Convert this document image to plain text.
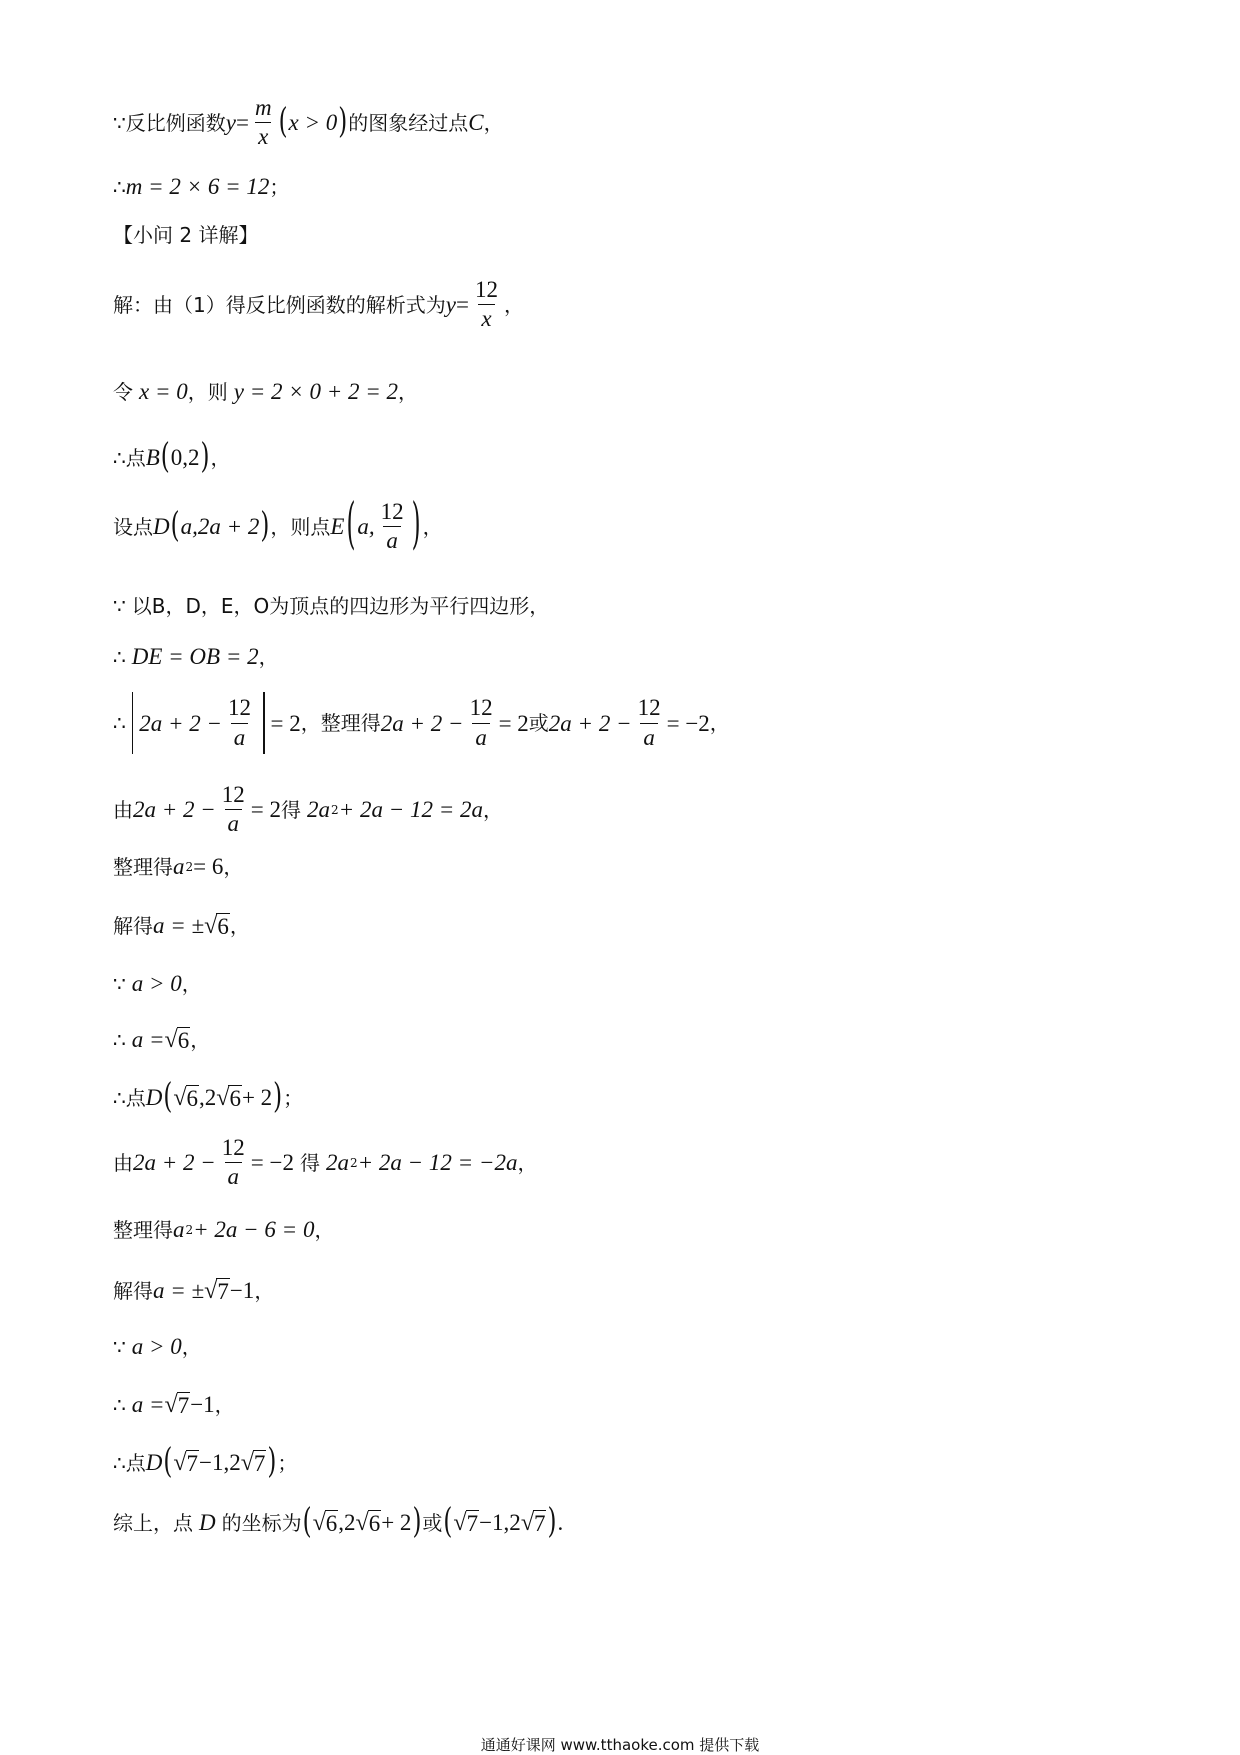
∵ 反比例函数 $y = \frac{m}{x}$ ( x > 0 ) 的图象经过点 C ，
∴ m = 2 × 6 = 12 ；
【小问 2 详解】
解：由（1）得反比例函数的解析式为 $y = \frac{12}{x}$ ，
令 x = 0 ，则 y = 2 × 0 + 2 = 2 ，
∴ 点 B ( 0,2 ) ，
设点 D ( a,2a + 2 ) ，则点 E ( a, $\frac{12}{a}$ ) ，
∵ 以B，D，E，O为顶点的四边形为平行四边形，
∴ DE = OB = 2 ，
∴ $2a + 2 - \frac{12}{a} = 2$ ，整理得 $2a + 2 - \frac{12}{a} = 2$ 或 $2a + 2 - \frac{12}{a} = -2$ ，
由 $2a + 2 - \frac{12}{a} = 2$ 得 2a 2 + 2a − 12 = 2a ，
整理得 a 2 = 6 ，
解得 a = ± √ 6 ，
∵ a > 0 ，
∴ a = √ 6 ，
∴ 点 D ( √ 6 ,2 √ 6 + 2 ) ；
由 $2a + 2 - \frac{12}{a} = -2$ 得 2a 2 + 2a − 12 = −2a ，
整理得 a 2 + 2a − 6 = 0 ，
解得 a = ± √ 7 −1 ，
∵ a > 0 ，
∴ a = √ 7 −1 ，
∴ 点 D ( √ 7 −1,2 √ 7 ) ；
综上，点 D 的坐标为 ( √ 6 ,2 √ 6 + 2 ) 或 ( √ 7 −1,2 √ 7 ) .
通通好课网 www.tthaoke.com 提供下载
